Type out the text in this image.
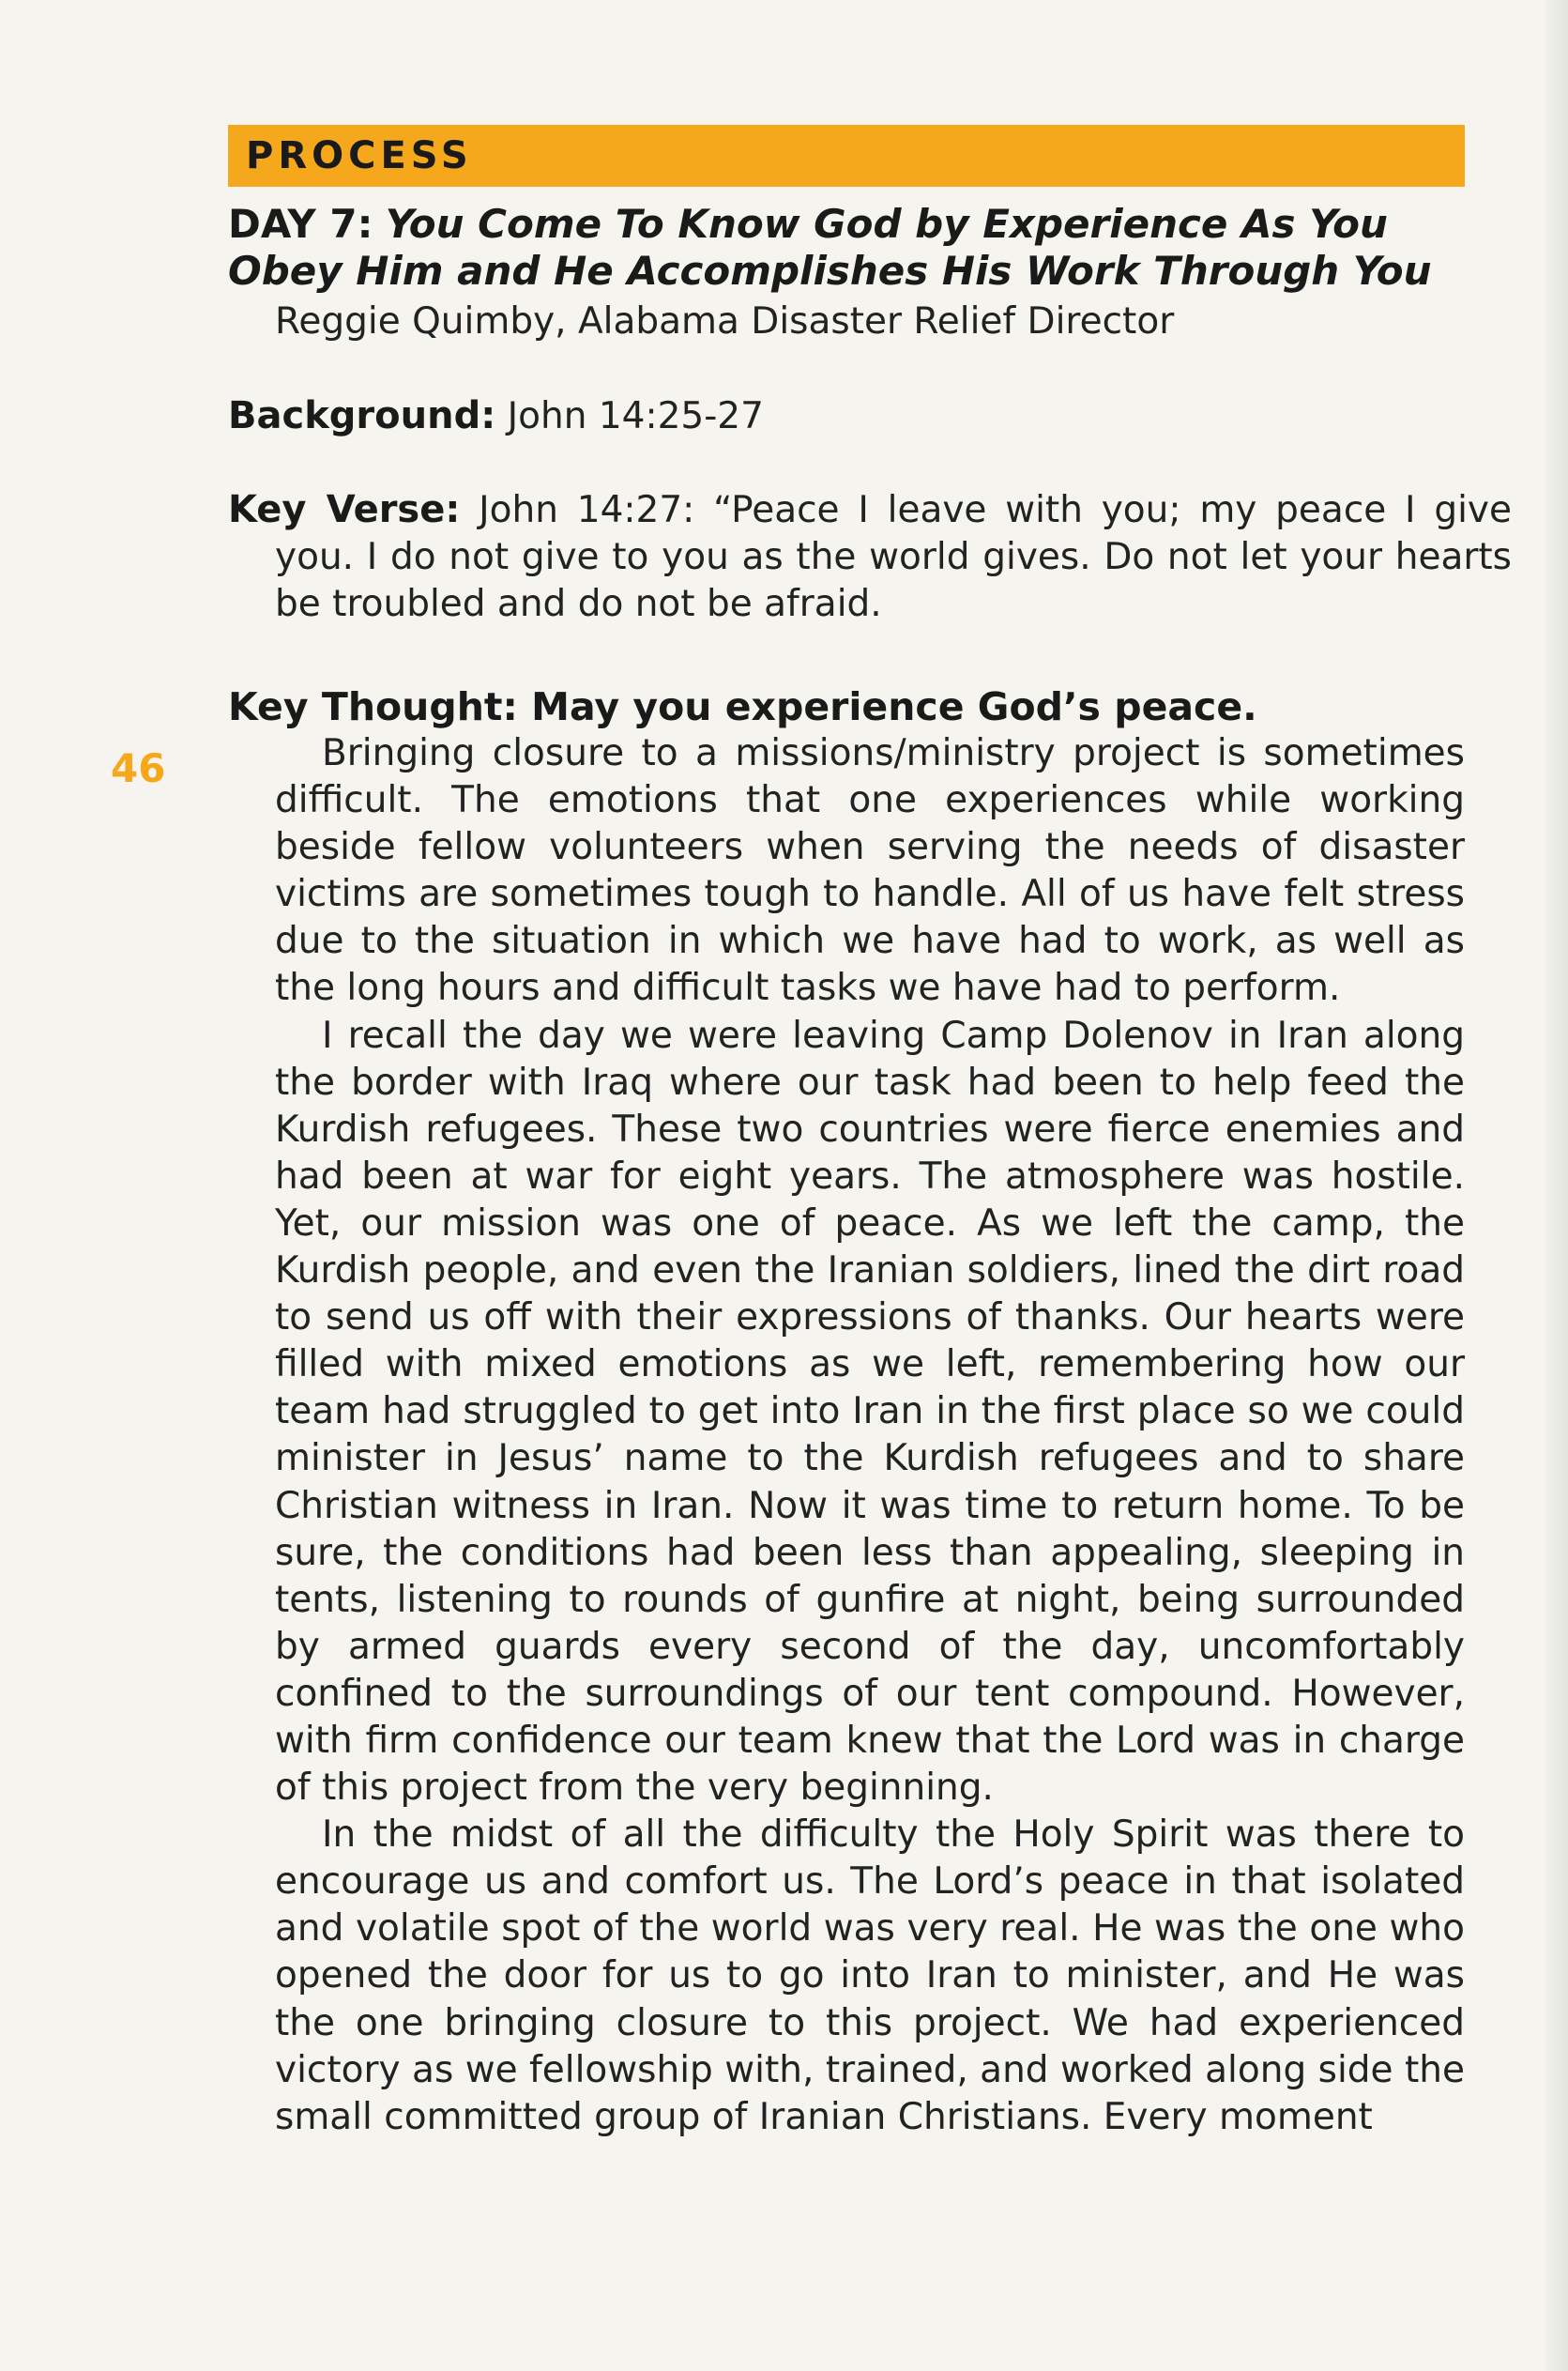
PROCESS
46
DAY 7: You Come To Know God by Experience As You Obey Him and He Accomplishes His Work Through You
Reggie Quimby, Alabama Disaster Relief Director
Background: John 14:25-27
Key Verse: John 14:27: “Peace I leave with you; my peace I give you. I do not give to you as the world gives. Do not let your hearts be troubled and do not be afraid.
Key Thought: May you experience God’s peace.

Bringing closure to a missions/ministry project is sometimes difficult. The emotions that one experiences while working beside fellow volunteers when serving the needs of disaster victims are sometimes tough to handle. All of us have felt stress due to the situation in which we have had to work, as well as the long hours and difficult tasks we have had to perform.

I recall the day we were leaving Camp Dolenov in Iran along the border with Iraq where our task had been to help feed the Kurdish refugees. These two countries were fierce enemies and had been at war for eight years. The atmosphere was hostile. Yet, our mission was one of peace. As we left the camp, the Kurdish people, and even the Iranian soldiers, lined the dirt road to send us off with their expressions of thanks. Our hearts were filled with mixed emotions as we left, remembering how our team had struggled to get into Iran in the first place so we could minister in Jesus’ name to the Kurdish refugees and to share Christian witness in Iran. Now it was time to return home. To be sure, the conditions had been less than appealing, sleeping in tents, listening to rounds of gunfire at night, being surrounded by armed guards every second of the day, uncomfortably confined to the surroundings of our tent compound. However, with firm confidence our team knew that the Lord was in charge of this project from the very beginning.

In the midst of all the difficulty the Holy Spirit was there to encourage us and comfort us. The Lord’s peace in that isolated and volatile spot of the world was very real. He was the one who opened the door for us to go into Iran to minister, and He was the one bringing closure to this project. We had experienced victory as we fellowship with, trained, and worked along side the small committed group of Iranian Christians. Every moment
